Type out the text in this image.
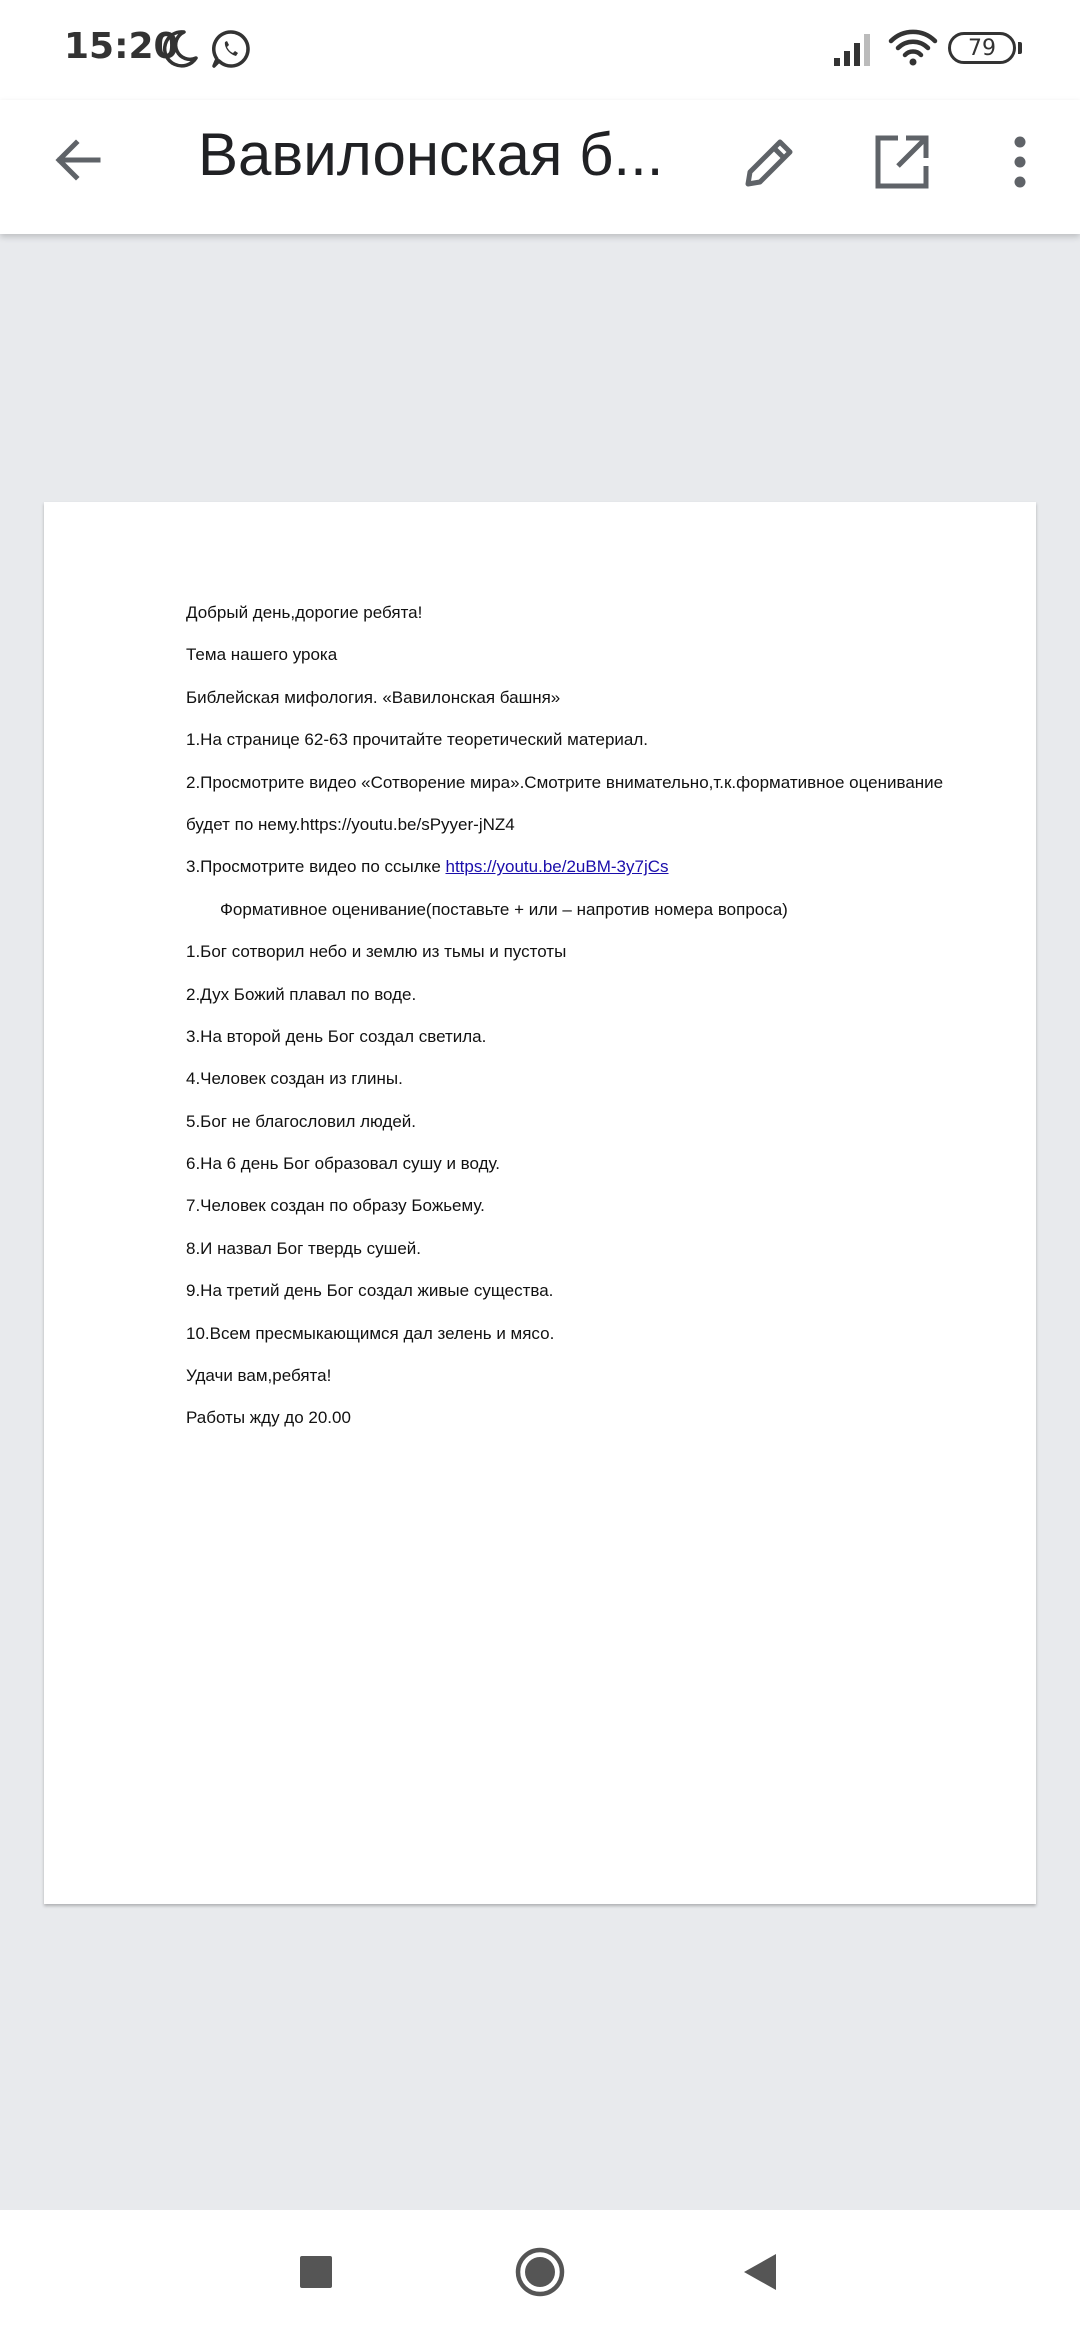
15:20	79
Вавилонская б...
Добрый день,дорогие ребята!
Тема нашего урока
Библейская мифология. «Вавилонская башня»
1.На странице 62-63 прочитайте теоретический материал.
2.Просмотрите видео «Сотворение мира».Смотрите внимательно,т.к.формативное оценивание
будет по нему.https://youtu.be/sPyyer-jNZ4
3.Просмотрите видео по ссылке https://youtu.be/2uBM-3y7jCs
Формативное оценивание(поставьте + или – напротив номера вопроса)
1.Бог сотворил небо и землю из тьмы и пустоты
2.Дух Божий плавал по воде.
3.На второй день Бог создал светила.
4.Человек создан из глины.
5.Бог не благословил людей.
6.На 6 день Бог образовал сушу и воду.
7.Человек создан по образу Божьему.
8.И назвал Бог твердь сушей.
9.На третий день Бог создал живые существа.
10.Всем пресмыкающимся дал зелень и мясо.
Удачи вам,ребята!
Работы жду до 20.00
